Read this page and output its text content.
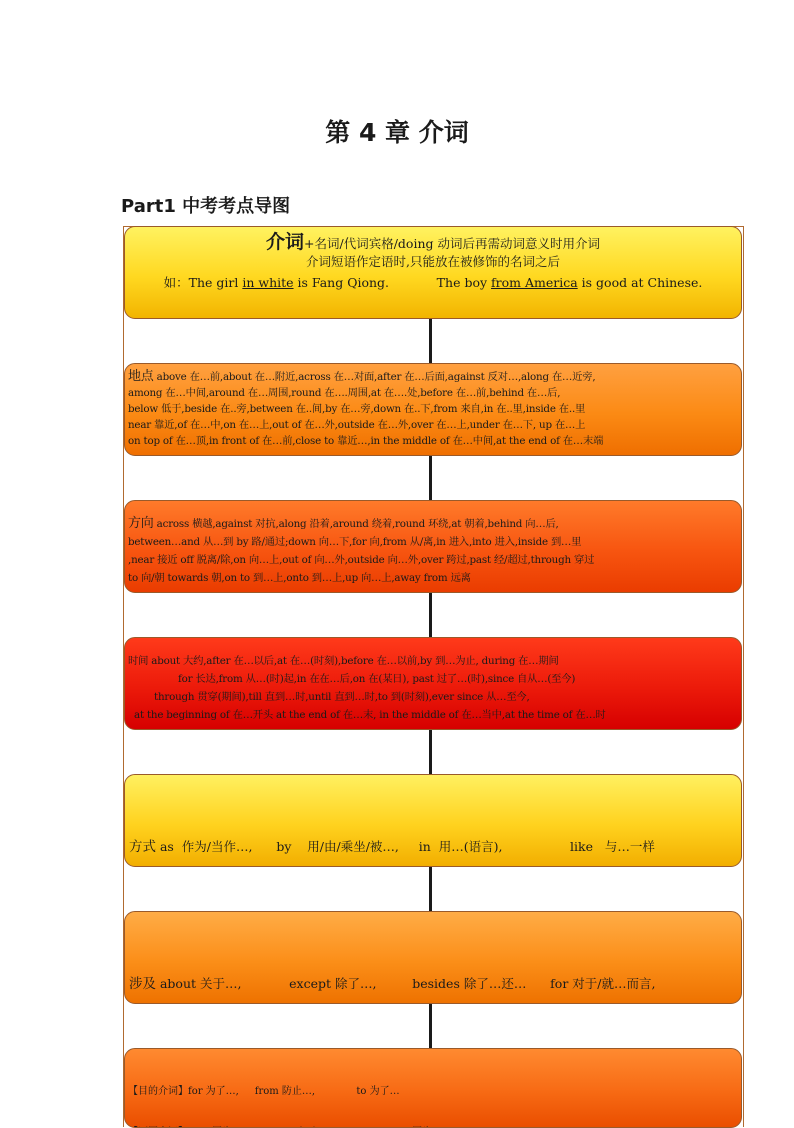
第 4 章 介词
Part1 中考考点导图

介词+名词/代词宾格/doing 动词后再需动词意义时用介词

介词短语作定语时,只能放在被修饰的名词之后

如：The girl in white is Fang Qiong.            The boy from America is good at Chinese.

地点 above 在…前,about 在…附近,across 在…对面,after 在…后面,against 反对…,along 在…近旁,

among 在…中间,around 在…周围,round 在….周围,at 在….处,before 在…前,behind 在…后,

below 低于,beside 在..旁,between 在..间,by 在…旁,down 在..下,from 来自,in 在..里,inside 在..里

near 靠近,of 在…中,on 在…上,out of 在…外,outside 在…外,over 在…上,under 在…下, up 在…上

on top of 在…顶,in front of 在…前,close to 靠近…,in the middle of 在…中间,at the end of 在…末端

方向 across 横越,against 对抗,along 沿着,around 绕着,round 环绕,at 朝着,behind 向…后,

between…and 从…到 by 路/通过;down 向…下,for 向,from 从/离,in 进入,into 进入,inside 到…里

,near 接近 off 脱离/除,on 向…上,out of 向…外,outside 向…外,over 跨过,past 经/超过,through 穿过

to 向/朝 towards 朝,on to 到…上,onto 到…上,up 向…上,away from 远离

时间 about 大约,after 在…以后,at 在…(时刻),before 在…以前,by 到…为止, during 在…期间

for 长达,from 从…(时)起,in 在在…后,on 在(某日), past 过了…(时),since 自从…(至今)

through 贯穿(期间),till 直到…时,until 直到…时,to 到(时刻),ever since 从…至今,

at the beginning of 在…开头 at the end of 在…末, in the middle of 在…当中,at the time of 在…时

方式 as  作为/当作…,      by    用/由/乘坐/被…,     in  用…(语言),                 like   与…一样

涉及 about 关于…,            except 除了…,         besides 除了…还…      for 对于/就…而言,

【目的介词】for 为了…,     from 防止…,             to 为了…
